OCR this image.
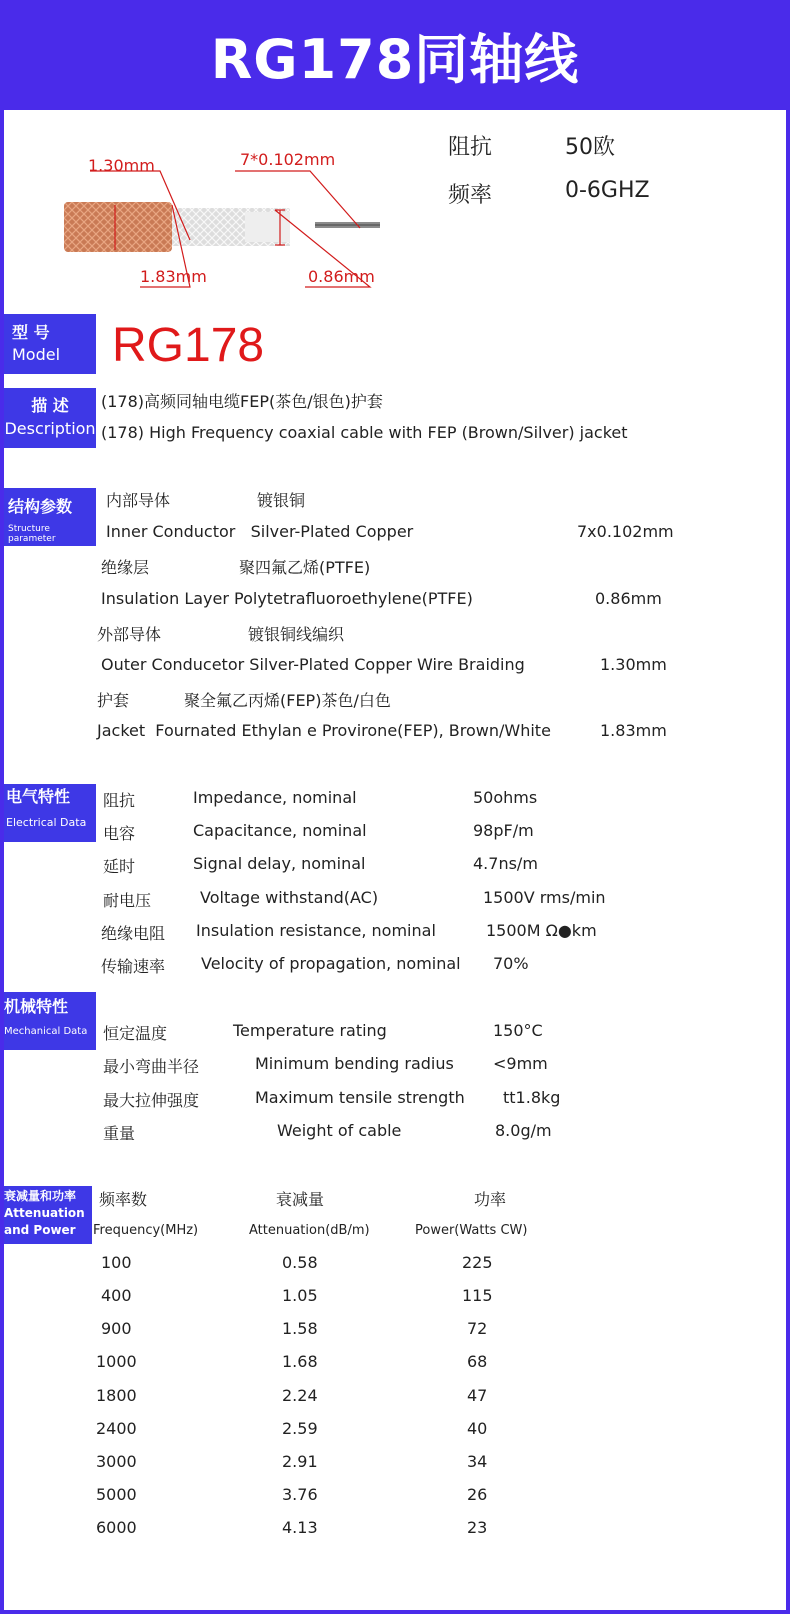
RG178同轴线
1.30mm	7*0.102mm
1.83mm	0.86mm
阻抗	50欧
频率	0-6GHZ
型 号
Model	RG178
描 述
Description
(178)高频同轴电缆FEP(茶色/银色)护套
(178) High Frequency coaxial cable with FEP (Brown/Silver) jacket
结构参数
Structure parameter
内部导体	镀银铜
Inner Conductor   Silver-Plated Copper	7x0.102mm
绝缘层	聚四氟乙烯(PTFE)
Insulation Layer Polytetrafluoroethylene(PTFE)	0.86mm
外部导体	镀银铜线编织
Outer Conducetor Silver-Plated Copper Wire Braiding	1.30mm
护套	聚全氟乙丙烯(FEP)茶色/白色
Jacket  Fournated Ethylan e Provirone(FEP), Brown/White	1.83mm
电气特性
Electrical Data
阻抗	Impedance, nominal	50ohms
电容	Capacitance, nominal	98pF/m
延时	Signal delay, nominal	4.7ns/m
耐电压	Voltage withstand(AC)	1500V rms/min
绝缘电阻 Insulation resistance, nominal	1500M Ω●km
传输速率 Velocity of propagation, nominal 70%
机械特性
Mechanical Data 恒定温度	Temperature rating	150°C
最小弯曲半径	Minimum bending radius <9mm
最大拉伸强度	Maximum tensile strength tt1.8kg
重量	Weight of cable	8.0g/m
衰减量和功率
Attenuation
and Power
频率数	衰减量	功率
Frequency(MHz)	Attenuation(dB/m)	Power(Watts CW)
100	0.58	225
400	1.05	115
900	1.58	72
1000	1.68	68
1800	2.24	47
2400	2.59	40
3000	2.91	34
5000	3.76	26
6000	4.13	23
